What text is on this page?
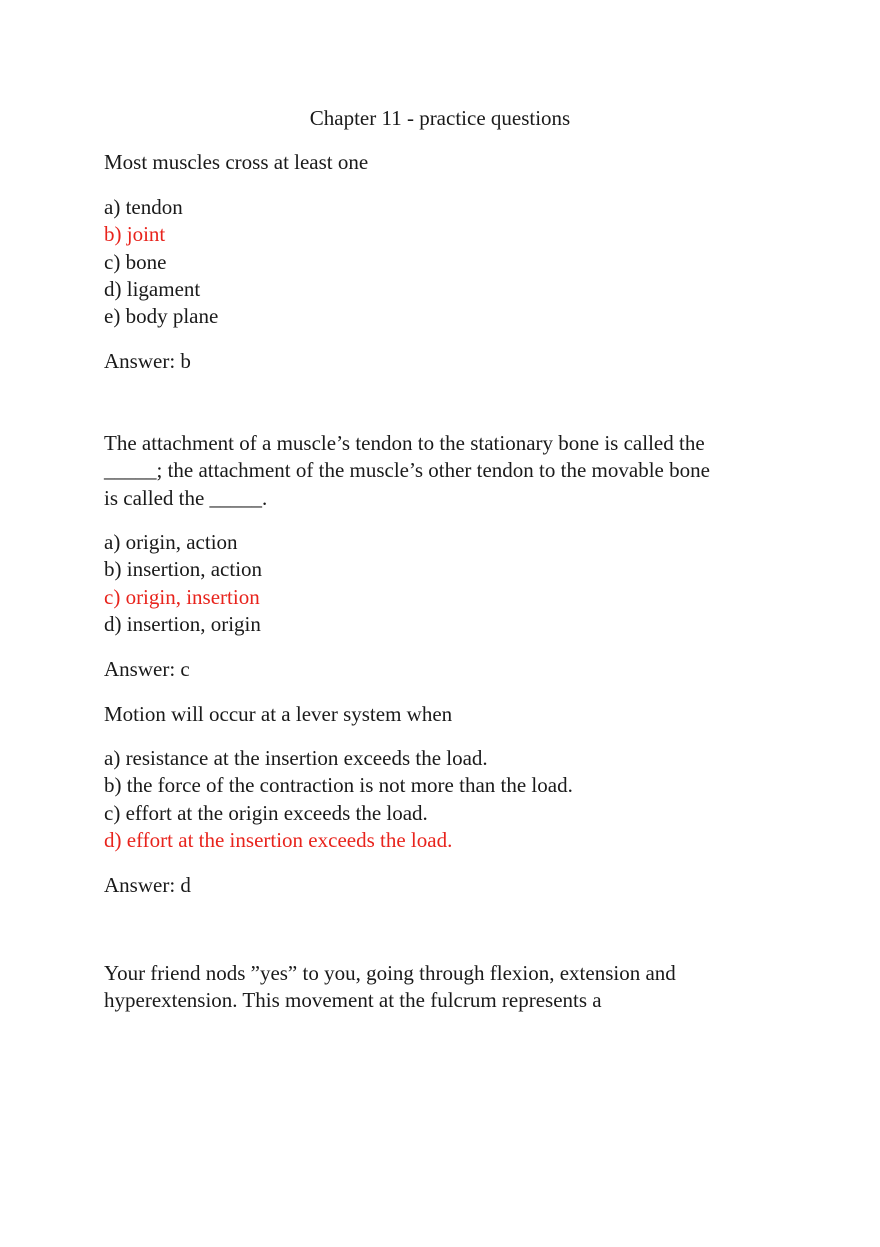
Chapter 11 - practice questions
Most muscles cross at least one
a) tendon
b) joint
c) bone
d) ligament
e) body plane
Answer: b
The attachment of a muscle’s tendon to the stationary bone is called the
_____; the attachment of the muscle’s other tendon to the movable bone
is called the _____.
a) origin, action
b) insertion, action
c) origin, insertion
d) insertion, origin
Answer: c
Motion will occur at a lever system when
a) resistance at the insertion exceeds the load.
b) the force of the contraction is not more than the load.
c) effort at the origin exceeds the load.
d) effort at the insertion exceeds the load.
Answer: d
Your friend nods ”yes” to you, going through flexion, extension and
hyperextension. This movement at the fulcrum represents a
